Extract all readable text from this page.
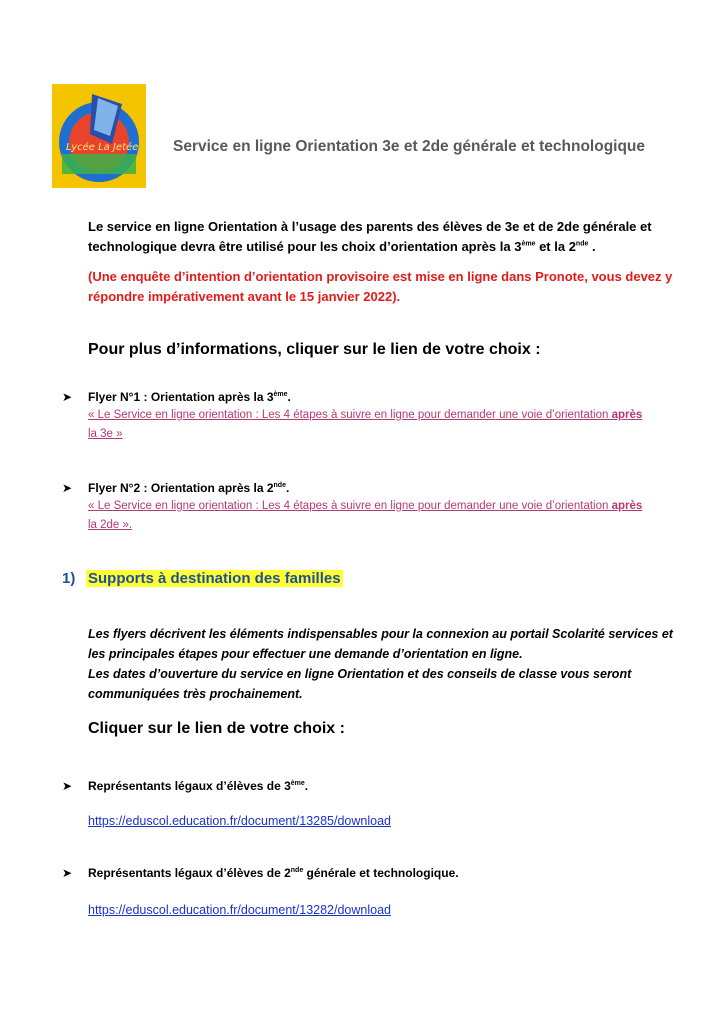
Lycée La Jetée Service en ligne Orientation 3e et 2de générale et technologique
Le service en ligne Orientation à l’usage des parents des élèves de 3e et de 2de générale et
technologique devra être utilisé pour les choix d’orientation après la 3ème et la 2nde .
(Une enquête d’intention d’orientation provisoire est mise en ligne dans Pronote, vous devez y
répondre impérativement avant le 15 janvier 2022).
Pour plus d’informations, cliquer sur le lien de votre choix :
➤ Flyer N°1 : Orientation après la 3ème.
« Le Service en ligne orientation : Les 4 étapes à suivre en ligne pour demander une voie d’orientation après
la 3e »
➤ Flyer N°2 : Orientation après la 2nde.
« Le Service en ligne orientation : Les 4 étapes à suivre en ligne pour demander une voie d’orientation après
la 2de ».
1) Supports à destination des familles
Les flyers décrivent les éléments indispensables pour la connexion au portail Scolarité services et
les principales étapes pour effectuer une demande d’orientation en ligne.
Les dates d’ouverture du service en ligne Orientation et des conseils de classe vous seront
communiquées très prochainement.
Cliquer sur le lien de votre choix :
➤ Représentants légaux d’élèves de 3ème.
https://eduscol.education.fr/document/13285/download
➤ Représentants légaux d’élèves de 2nde générale et technologique.
https://eduscol.education.fr/document/13282/download
